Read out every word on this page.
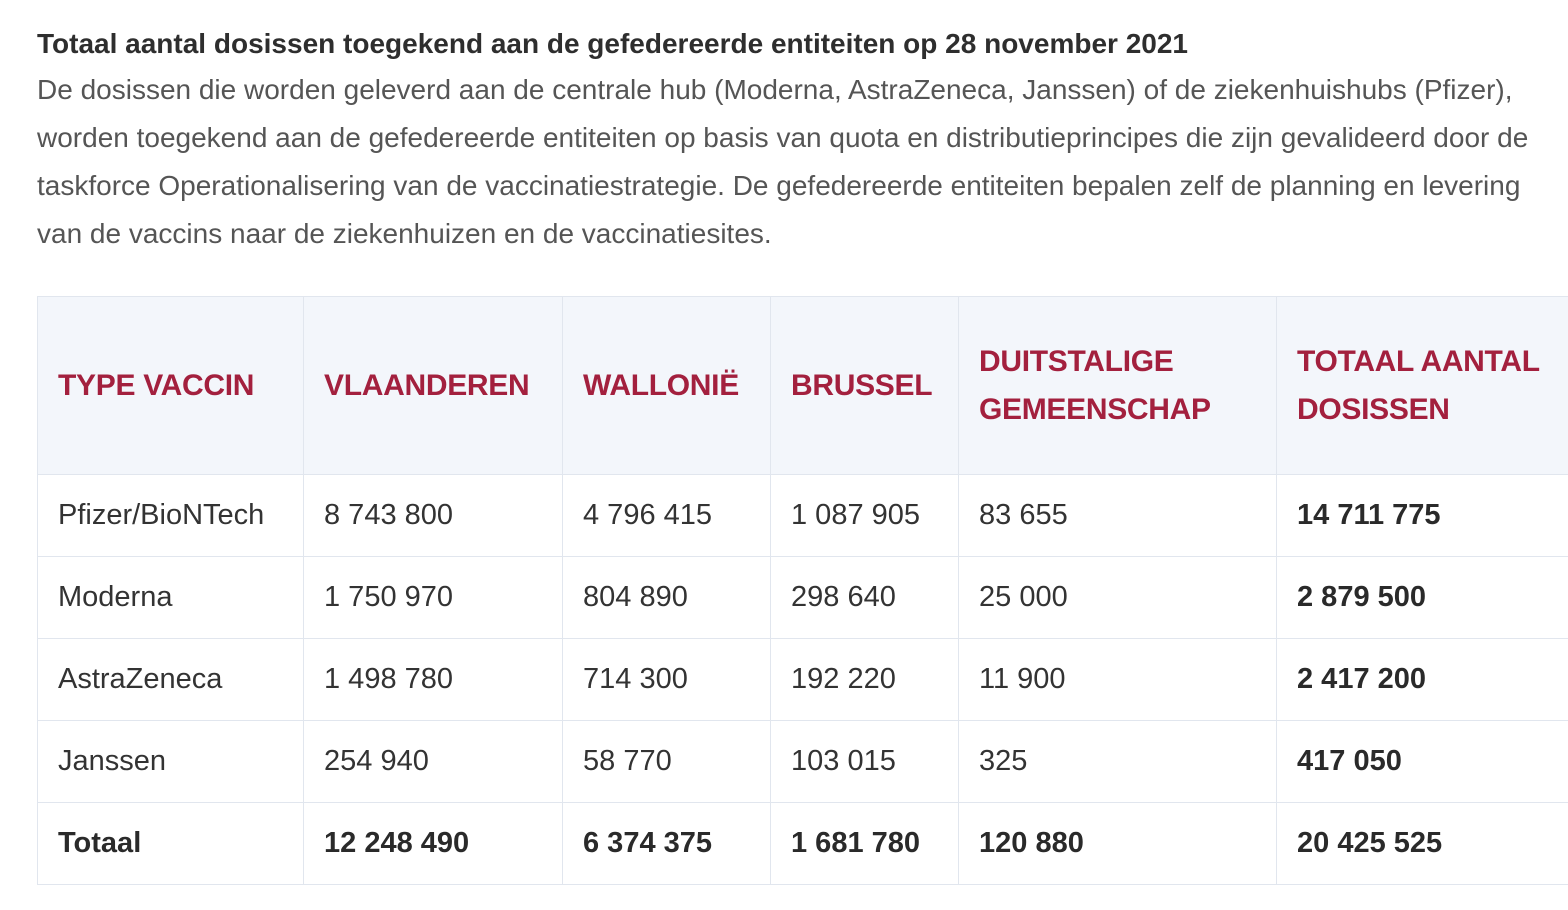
Totaal aantal dosissen toegekend aan de gefedereerde entiteiten op 28 november 2021

De dosissen die worden geleverd aan de centrale hub (Moderna, AstraZeneca, Janssen) of de ziekenhuishubs (Pfizer), worden toegekend aan de gefedereerde entiteiten op basis van quota en distributieprincipes die zijn gevalideerd door de taskforce Operationalisering van de vaccinatiestrategie. De gefedereerde entiteiten bepalen zelf de planning en levering van de vaccins naar de ziekenhuizen en de vaccinatiesites.

TYPE VACCIN	VLAANDEREN	WALLONIË	BRUSSEL	DUITSTALIGE GEMEENSCHAP	TOTAAL AANTAL DOSISSEN
Pfizer/BioNTech	8 743 800	4 796 415	1 087 905	83 655	14 711 775
Moderna	1 750 970	804 890	298 640	25 000	2 879 500
AstraZeneca	1 498 780	714 300	192 220	11 900	2 417 200
Janssen	254 940	58 770	103 015	325	417 050
Totaal	12 248 490	6 374 375	1 681 780	120 880	20 425 525
